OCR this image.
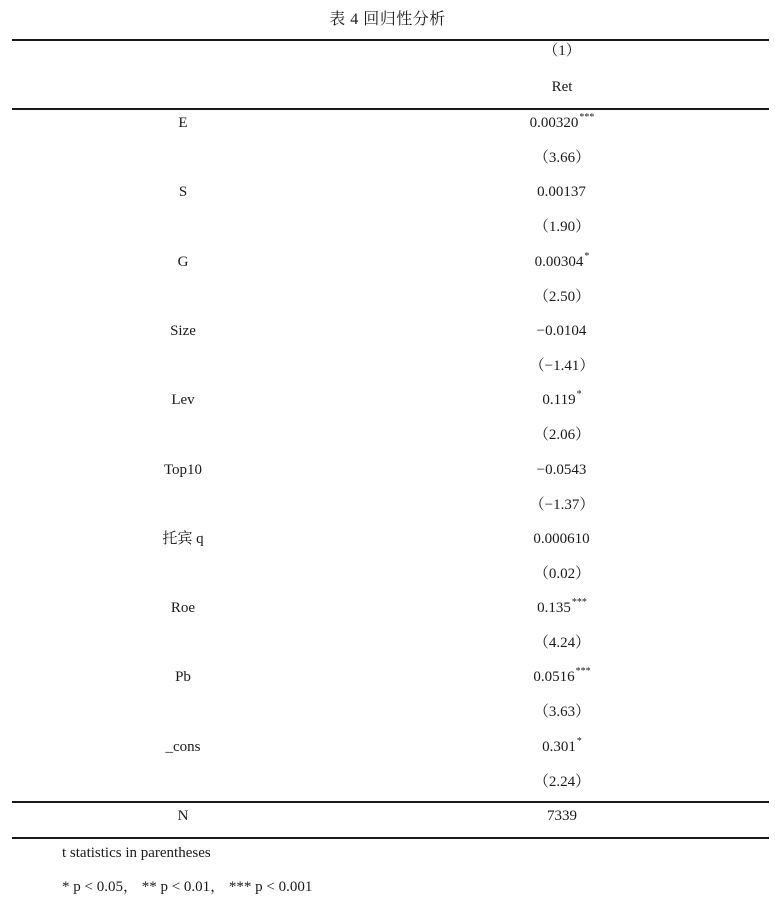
表 4 回归性分析
（1）
Ret
E	0.00320***
（3.66）
S	0.00137
（1.90）
G	0.00304*
（2.50）
Size	−0.0104
（−1.41）
Lev	0.119*
（2.06）
Top10	−0.0543
（−1.37）
托宾 q	0.000610
（0.02）
Roe	0.135***
（4.24）
Pb	0.0516***
（3.63）
_cons	0.301*
（2.24）
N	7339
t statistics in parentheses
* p < 0.05， ** p < 0.01， *** p < 0.001
